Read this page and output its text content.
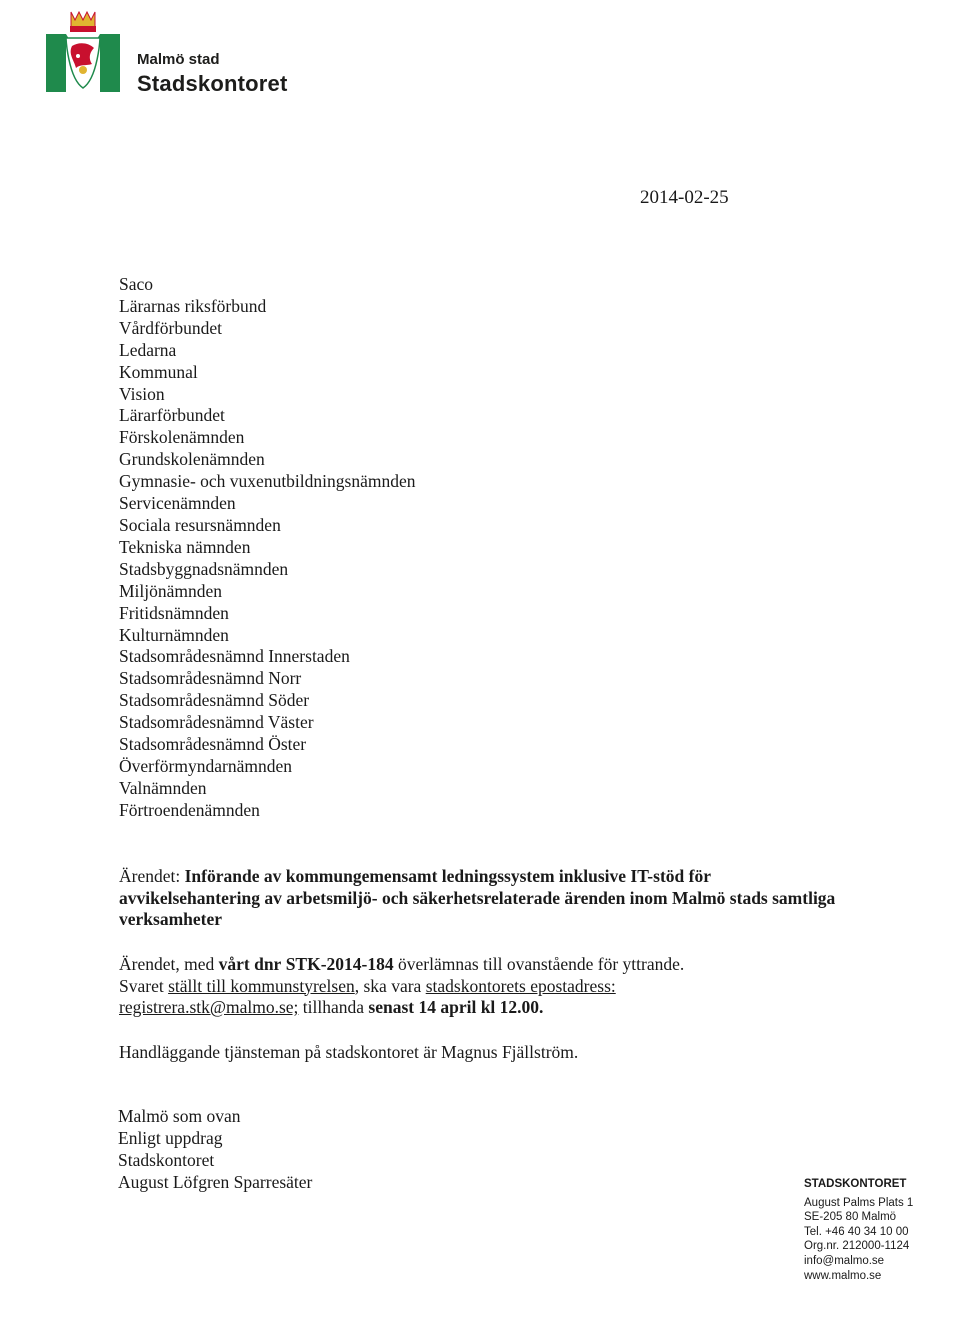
Malmö stad
Stadskontoret
2014-02-25
Saco
Lärarnas riksförbund
Vårdförbundet
Ledarna
Kommunal
Vision
Lärarförbundet
Förskolenämnden
Grundskolenämnden
Gymnasie- och vuxenutbildningsnämnden
Servicenämnden
Sociala resursnämnden
Tekniska nämnden
Stadsbyggnadsnämnden
Miljönämnden
Fritidsnämnden
Kulturnämnden
Stadsområdesnämnd Innerstaden
Stadsområdesnämnd Norr
Stadsområdesnämnd Söder
Stadsområdesnämnd Väster
Stadsområdesnämnd Öster
Överförmyndarnämnden
Valnämnden
Förtroendenämnden
Ärendet: Införande av kommungemensamt ledningssystem inklusive IT-stöd för avvikelsehantering av arbetsmiljö- och säkerhetsrelaterade ärenden inom Malmö stads samtliga verksamheter
Ärendet, med vårt dnr STK-2014-184 överlämnas till ovanstående för yttrande.
Svaret ställt till kommunstyrelsen, ska vara stadskontorets epostadress:
registrera.stk@malmo.se; tillhanda senast 14 april kl 12.00.
Handläggande tjänsteman på stadskontoret är Magnus Fjällström.
Malmö som ovan
Enligt uppdrag
Stadskontoret
August Löfgren Sparresäter	STADSKONTORET
August Palms Plats 1
SE-205 80 Malmö
Tel. +46 40 34 10 00
Org.nr. 212000-1124
info@malmo.se
www.malmo.se
